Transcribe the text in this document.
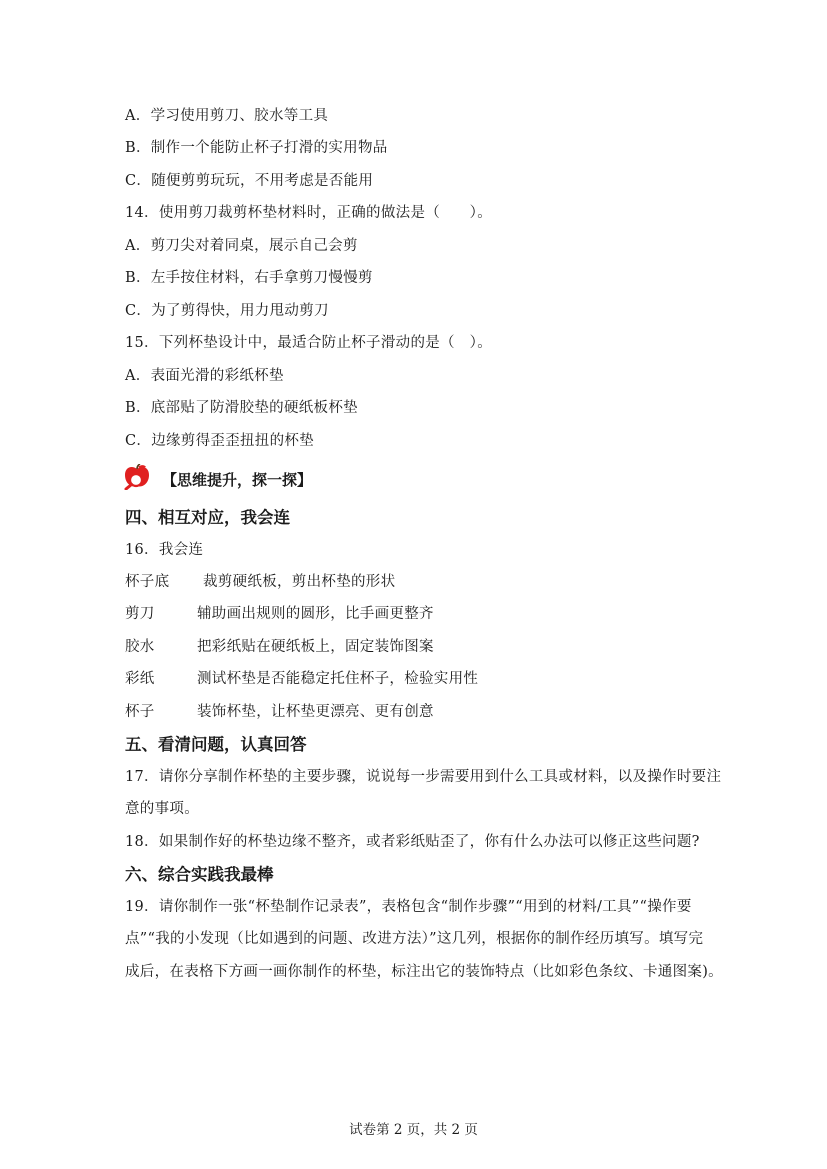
A．学习使用剪刀、胶水等工具
B．制作一个能防止杯子打滑的实用物品
C．随便剪剪玩玩，不用考虑是否能用
14．使用剪刀裁剪杯垫材料时，正确的做法是（　　）。
A．剪刀尖对着同桌，展示自己会剪
B．左手按住材料，右手拿剪刀慢慢剪
C．为了剪得快，用力甩动剪刀
15．下列杯垫设计中，最适合防止杯子滑动的是（　）。
A．表面光滑的彩纸杯垫
B．底部贴了防滑胶垫的硬纸板杯垫
C．边缘剪得歪歪扭扭的杯垫
【思维提升，探一探】
四、相互对应，我会连
16．我会连
杯子底 裁剪硬纸板，剪出杯垫的形状
剪刀	辅助画出规则的圆形，比手画更整齐
胶水	把彩纸贴在硬纸板上，固定装饰图案
彩纸	测试杯垫是否能稳定托住杯子，检验实用性
杯子	装饰杯垫，让杯垫更漂亮、更有创意
五、看清问题，认真回答
17．请你分享制作杯垫的主要步骤，说说每一步需要用到什么工具或材料，以及操作时要注
意的事项。
18．如果制作好的杯垫边缘不整齐，或者彩纸贴歪了，你有什么办法可以修正这些问题?
六、综合实践我最棒
19．请你制作一张“杯垫制作记录表”，表格包含“制作步骤”“用到的材料/工具”“操作要
点”“我的小发现（比如遇到的问题、改进方法）”这几列，根据你的制作经历填写。填写完
成后，在表格下方画一画你制作的杯垫，标注出它的装饰特点（比如彩色条纹、卡通图案)。
试卷第 2 页，共 2 页
